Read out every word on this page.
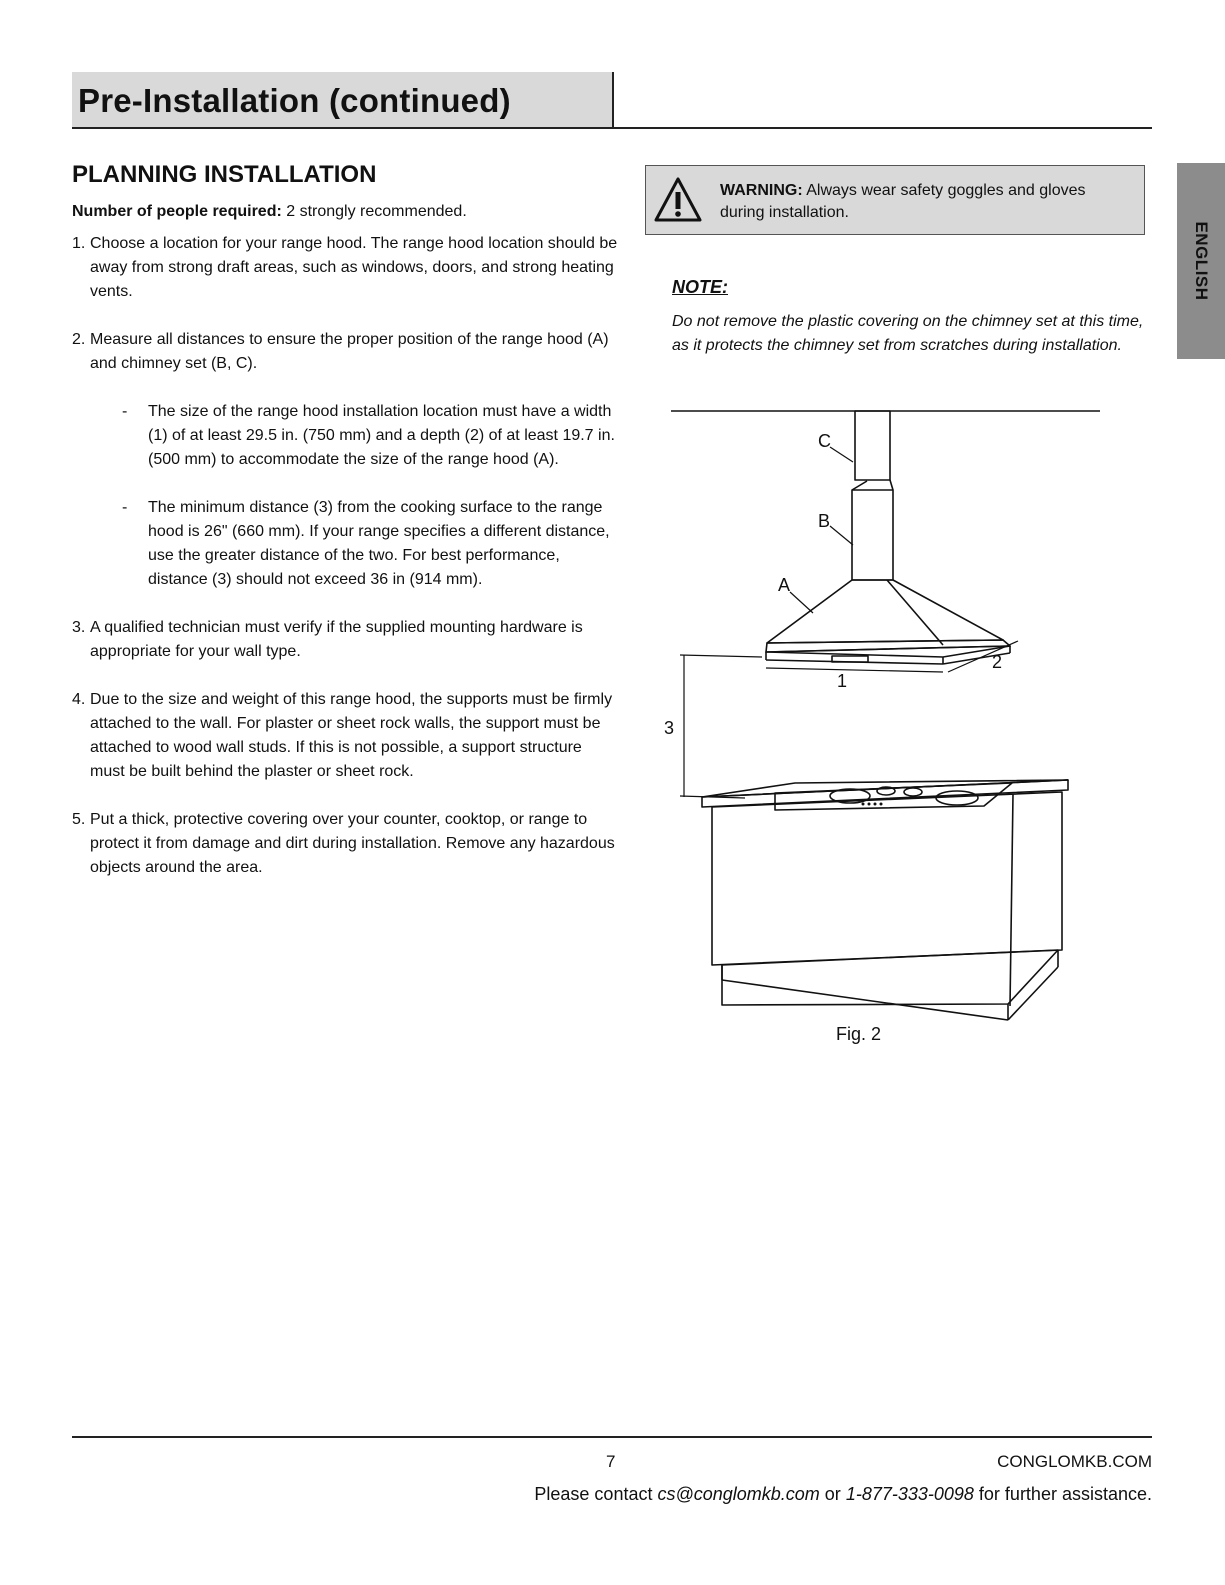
Pre-Installation (continued)
ENGLISH
PLANNING INSTALLATION
Number of people required: 2 strongly recommended.
1. Choose a location for your range hood. The range hood location should be away from strong draft areas, such as windows, doors, and strong heating vents.
2. Measure all distances to ensure the proper position of the range hood (A) and chimney set (B, C).
- The size of the range hood installation location must have a width (1) of at least 29.5 in. (750 mm) and a depth (2) of at least 19.7 in. (500 mm) to accommodate the size of the range hood (A).
- The minimum distance (3) from the cooking surface to the range hood is 26" (660 mm). If your range specifies a different distance, use the greater distance of the two. For best performance, distance (3) should not exceed 36 in (914 mm).
3. A qualified technician must verify if the supplied mounting hardware is appropriate for your wall type.
4. Due to the size and weight of this range hood, the supports must be firmly attached to the wall. For plaster or sheet rock walls, the support must be attached to wood wall studs. If this is not possible, a support structure must be built behind the plaster or sheet rock.
5. Put a thick, protective covering over your counter, cooktop, or range to protect it from damage and dirt during installation. Remove any hazardous objects around the area.
WARNING: Always wear safety goggles and gloves during installation.
NOTE:
Do not remove the plastic covering on the chimney set at this time, as it protects the chimney set from scratches during installation.
C
B
A
1
2
3
Fig. 2
7	CONGLOMKB.COM
Please contact cs@conglomkb.com or 1-877-333-0098 for further assistance.
